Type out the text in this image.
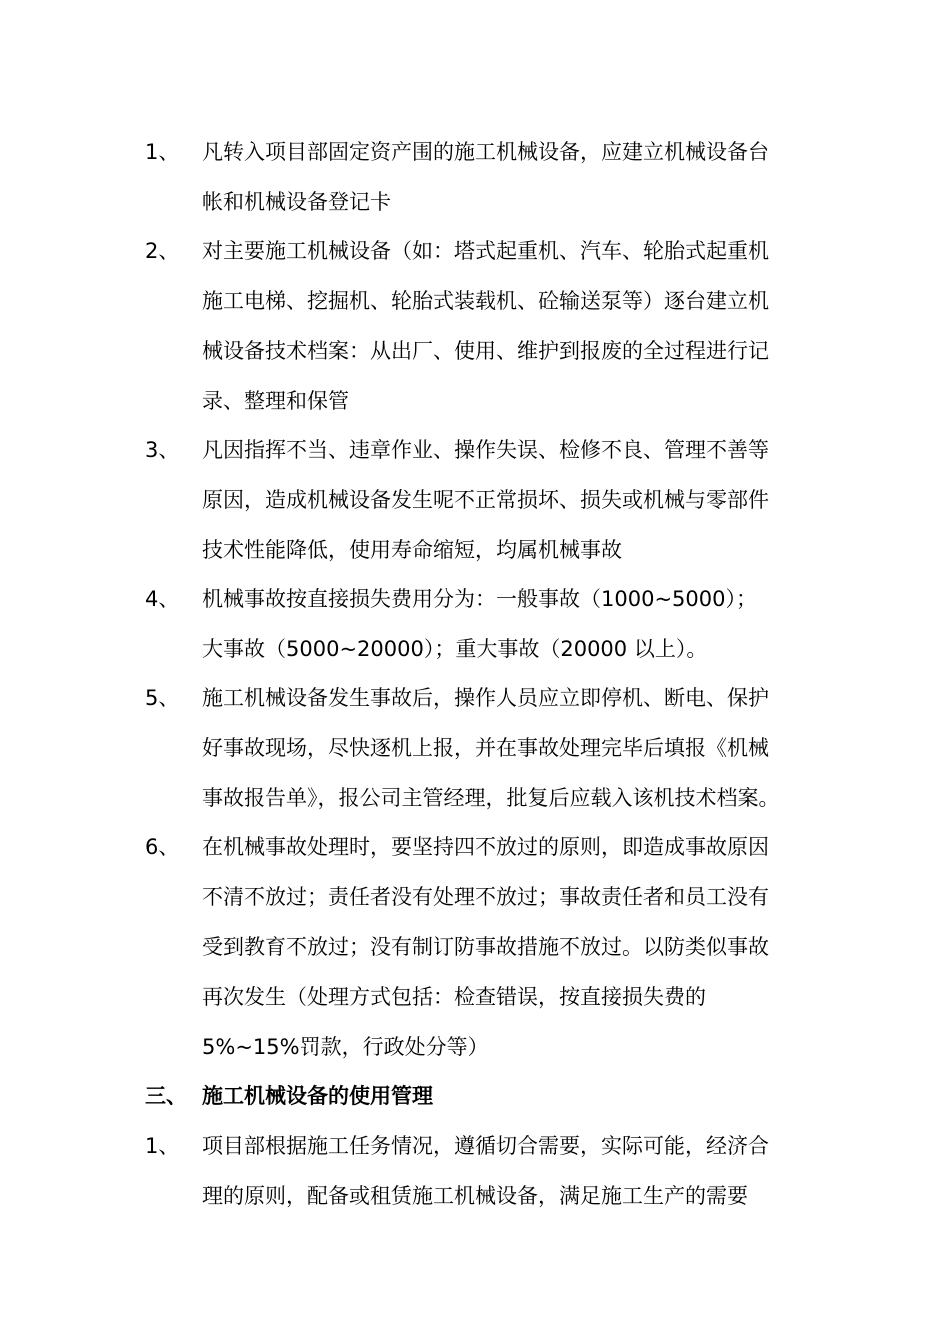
1、 凡转入项目部固定资产围的施工机械设备，应建立机械设备台
帐和机械设备登记卡
2、 对主要施工机械设备（如：塔式起重机、汽车、轮胎式起重机
施工电梯、挖掘机、轮胎式装载机、砼输送泵等）逐台建立机
械设备技术档案：从出厂、使用、维护到报废的全过程进行记
录、整理和保管
3、 凡因指挥不当、违章作业、操作失误、检修不良、管理不善等
原因，造成机械设备发生呢不正常损坏、损失或机械与零部件
技术性能降低，使用寿命缩短，均属机械事故
4、 机械事故按直接损失费用分为：一般事故（1000~5000）；
大事故（5000~20000）；重大事故（20000 以上）。
5、 施工机械设备发生事故后，操作人员应立即停机、断电、保护
好事故现场，尽快逐机上报，并在事故处理完毕后填报《机械
事故报告单》，报公司主管经理，批复后应载入该机技术档案。
6、 在机械事故处理时，要坚持四不放过的原则，即造成事故原因
不清不放过；责任者没有处理不放过；事故责任者和员工没有
受到教育不放过；没有制订防事故措施不放过。以防类似事故
再次发生（处理方式包括：检查错误，按直接损失费的
5%~15%罚款，行政处分等）
三、 施工机械设备的使用管理
1、 项目部根据施工任务情况，遵循切合需要，实际可能，经济合
理的原则，配备或租赁施工机械设备，满足施工生产的需要
